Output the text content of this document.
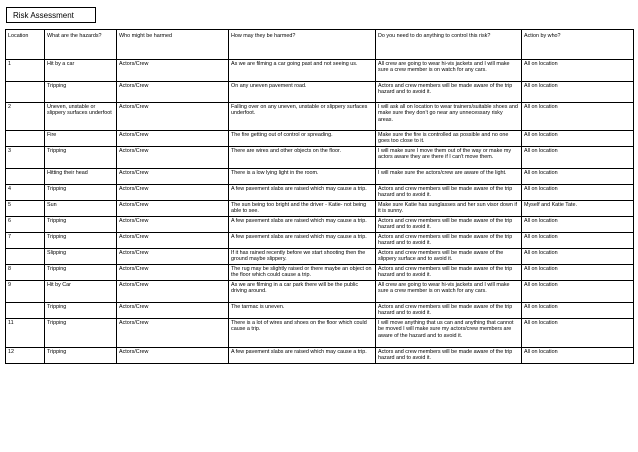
Risk Assessment
Location	What are the hazards?	Who might be harmed	How may they be harmed?	Do you need to do anything to control this risk?	Action by who?
1	Hit by a car	Actors/Crew	As we are filming a car going past and not seeing us.	All crew are going to wear hi-vis jackets and I will make sure a crew member is on watch for any cars.	All on location
	Tripping	Actors/Crew	On any uneven pavement road.	Actors and crew members will be made aware of the trip hazard and to avoid it.	All on location
2	Uneven, unstable or slippery surfaces underfoot	Actors/Crew	Falling over on any uneven, unstable or slippery surfaces underfoot.	I will ask all on location to wear trainers/suitable shoes and make sure they don’t go near any unnecessary risky areas.	All on location
	Fire	Actors/Crew	The fire getting out of control or spreading.	Make sure the fire is controlled as possible and no one goes too close to it.	All on location
3	Tripping	Actors/Crew	There are wires and other objects on the floor.	I will make sure I move them out of the way or make my actors aware they are there if I can't move them.	All on location
	Hitting their head	Actors/Crew	There is a low lying light in the room.	I will make sure the actors/crew are aware of the light.	All on location
4	Tripping	Actors/Crew	A few pavement slabs are raised which may cause a trip.	Actors and crew members will be made aware of the trip hazard and to avoid it.	All on location
5	Sun	Actors/Crew	The sun being too bright and the driver - Katie- not being able to see.	Make sure Katie has sunglasses and her sun visor down if it is sunny.	Myself and Katie Tate.
6	Tripping	Actors/Crew	A few pavement slabs are raised which may cause a trip.	Actors and crew members will be made aware of the trip hazard and to avoid it.	All on location
7	Tripping	Actors/Crew	A few pavement slabs are raised which may cause a trip.	Actors and crew members will be made aware of the trip hazard and to avoid it.	All on location
	Slipping	Actors/Crew	If it has rained recently before we start shooting then the ground maybe slippery.	Actors and crew members will be made aware of the slippery surface and to avoid it.	All on location
8	Tripping	Actors/Crew	The rug may be slightly raised or there maybe an object on the floor which could cause a trip.	Actors and crew members will be made aware of the trip hazard and to avoid it.	All on location
9	Hit by Car	Actors/Crew	As we are filming in a car park there will be the public driving around.	All crew are going to wear hi-vis jackets and I will make sure a crew member is on watch for any cars.	All on location
	Tripping	Actors/Crew	The tarmac is uneven.	Actors and crew members will be made aware of the trip hazard and to avoid it.	All on location
11	Tripping	Actors/Crew	There is a lot of wires and shoes on the floor which could cause a trip.	I will move anything that us can and anything that cannot be moved I will make sure my actors/crew members are aware of the hazard and to avoid it.	All on location
12	Tripping	Actors/Crew	A few pavement slabs are raised which may cause a trip.	Actors and crew members will be made aware of the trip hazard and to avoid it.	All on location
